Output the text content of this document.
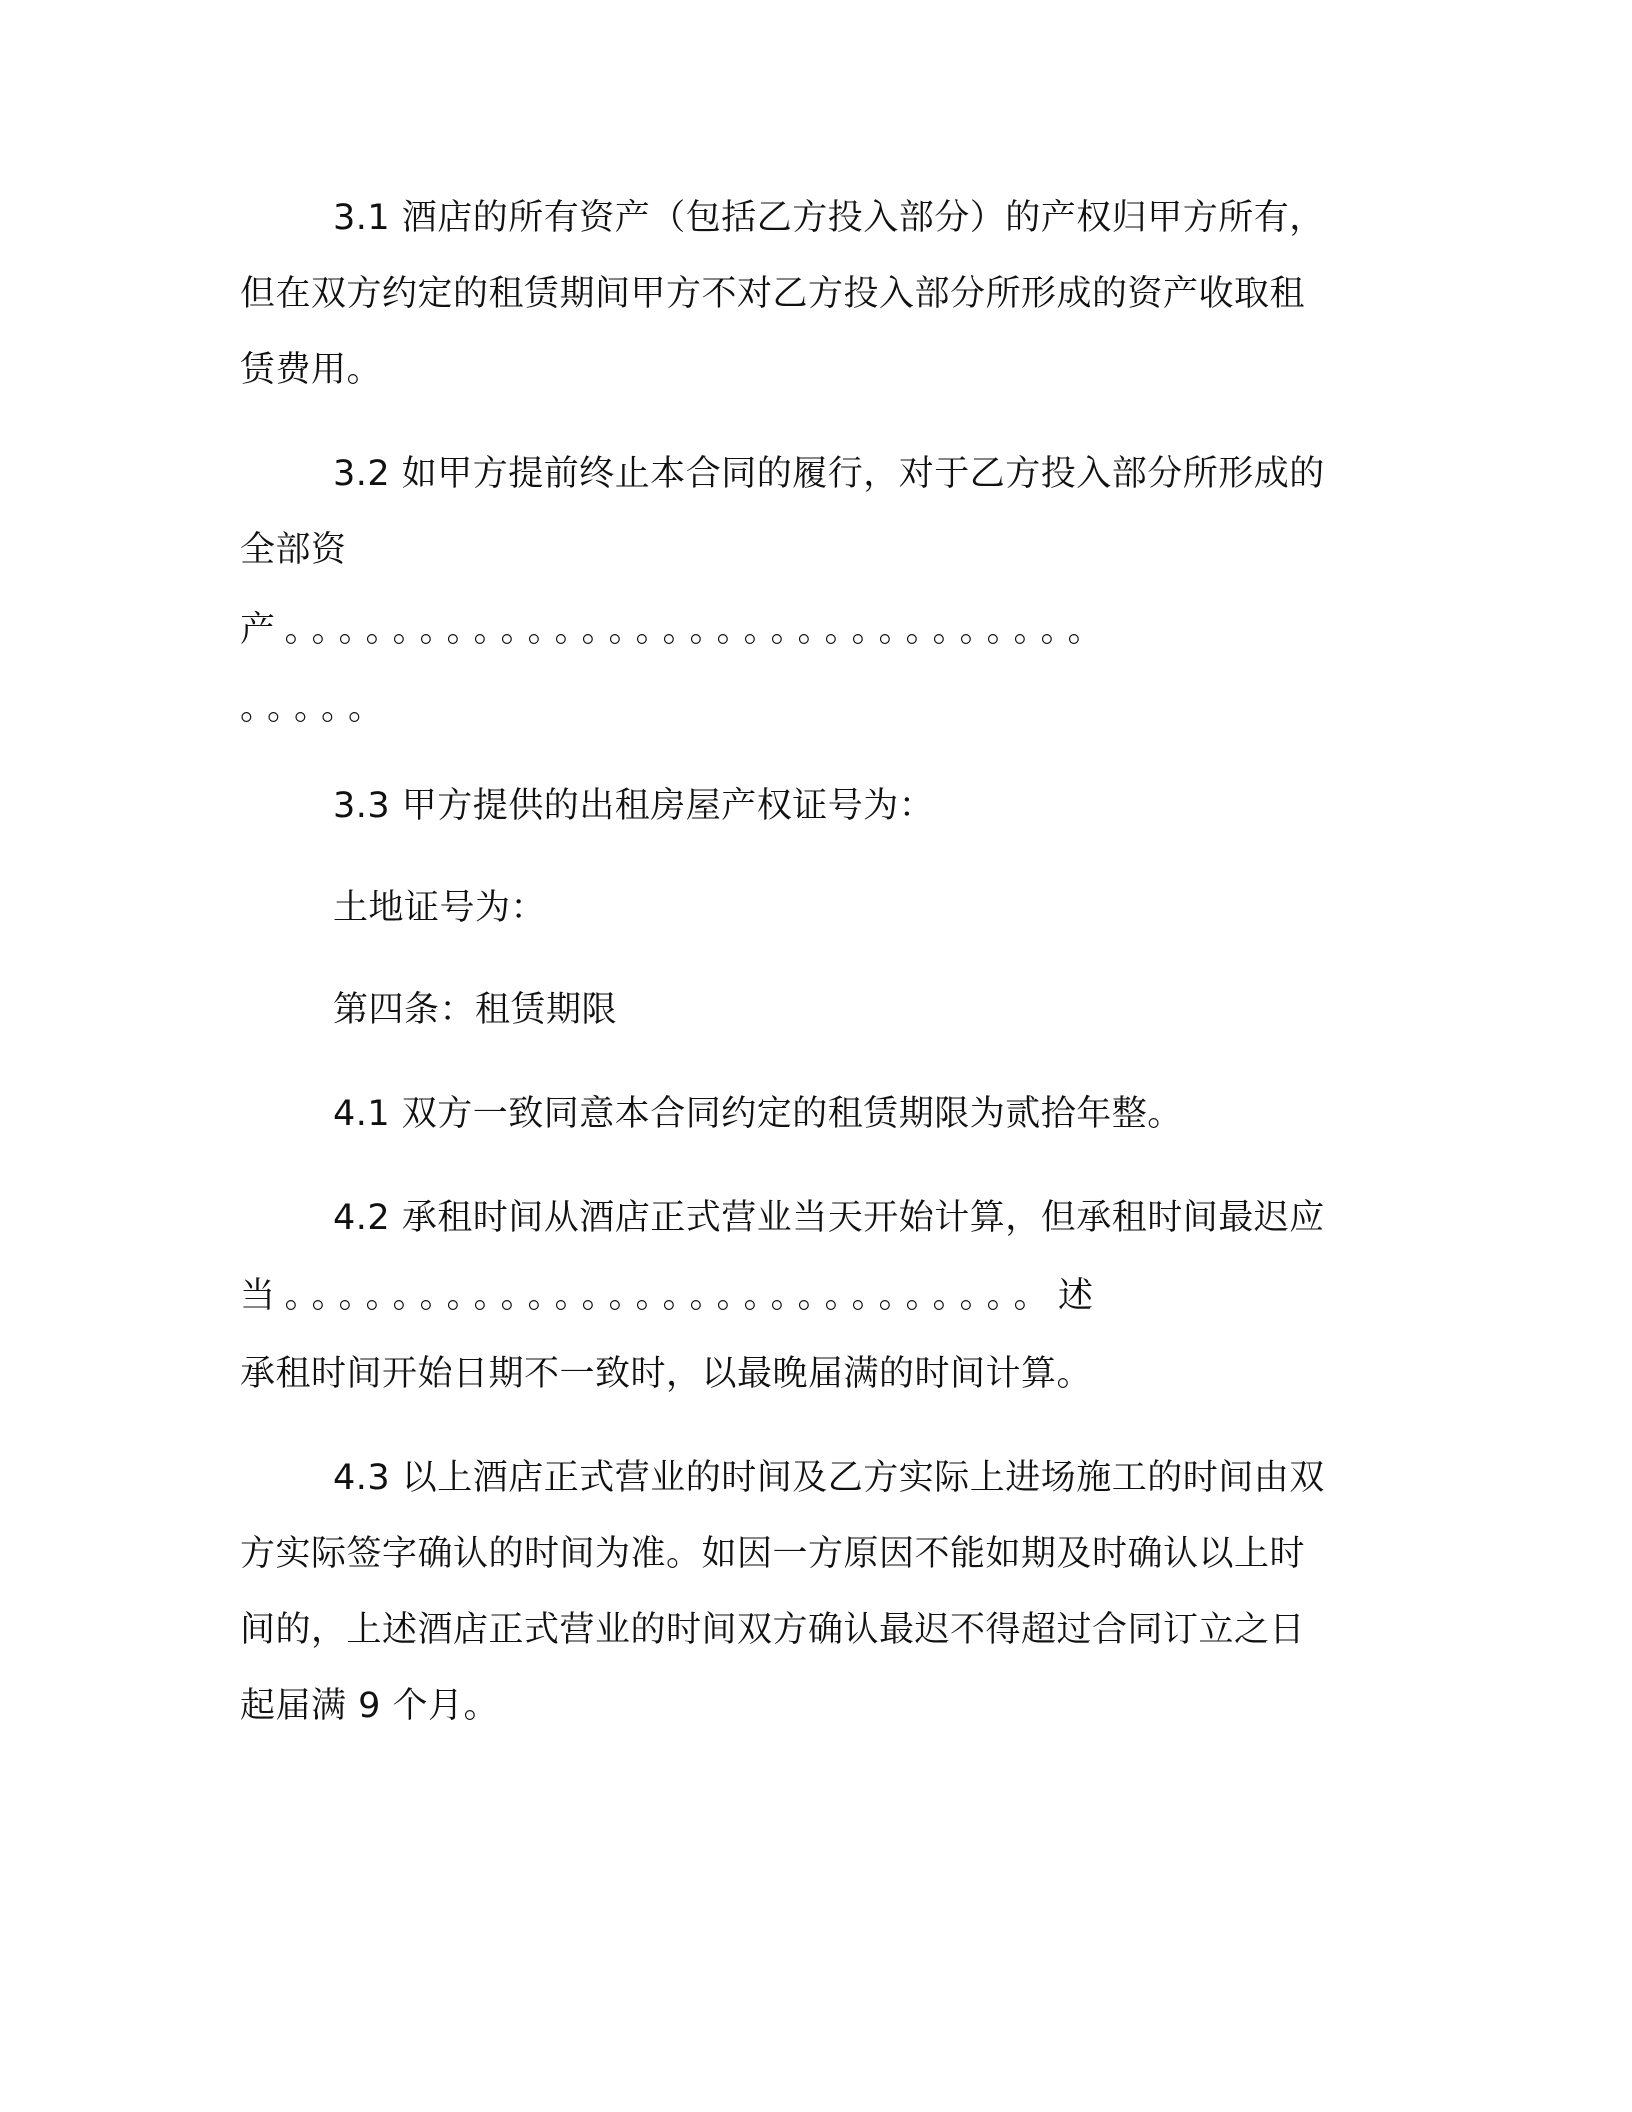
3.1 酒店的所有资产（包括乙方投入部分）的产权归甲方所有，
但在双方约定的租赁期间甲方不对乙方投入部分所形成的资产收取租
赁费用。
3.2 如甲方提前终止本合同的履行，对于乙方投入部分所形成的
全部资
产。。。。。。。。。。。。。。。。。。。。。。。。。。。。。。
。。。。。
3.3 甲方提供的出租房屋产权证号为：
土地证号为：
第四条：租赁期限
4.1 双方一致同意本合同约定的租赁期限为贰拾年整。
4.2 承租时间从酒店正式营业当天开始计算，但承租时间最迟应
当。。。。。。。。。。。。。。。。。。。。。。。。。。。。述
承租时间开始日期不一致时，以最晚届满的时间计算。
4.3 以上酒店正式营业的时间及乙方实际上进场施工的时间由双
方实际签字确认的时间为准。如因一方原因不能如期及时确认以上时
间的，上述酒店正式营业的时间双方确认最迟不得超过合同订立之日
起届满 9 个月。
